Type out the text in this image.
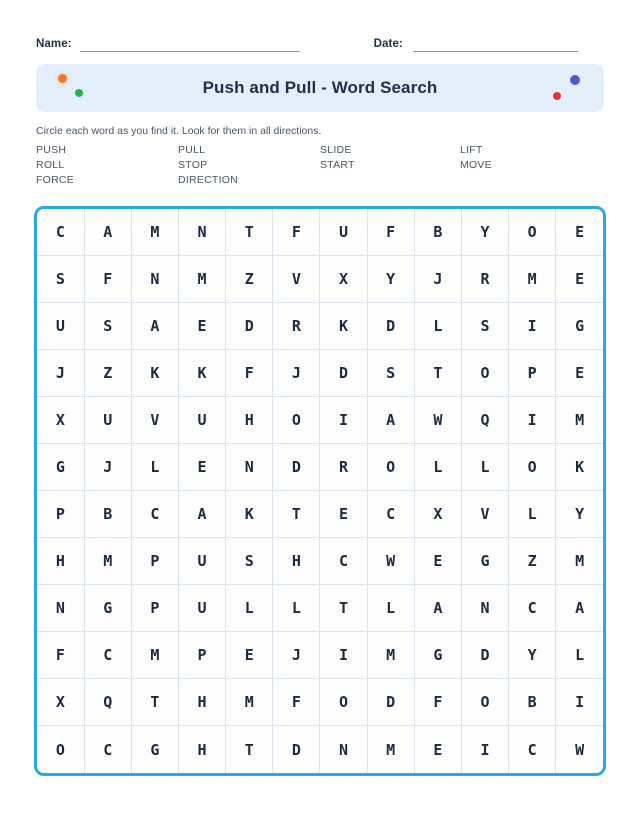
Name:	Date:
Push and Pull - Word Search
Circle each word as you find it. Look for them in all directions.
PUSH	PULL	SLIDE	LIFT
ROLL	STOP	START	MOVE
FORCE	DIRECTION
C	A	M	N	T	F	U	F	B	Y	O	E
S	F	N	M	Z	V	X	Y	J	R	M	E
U	S	A	E	D	R	K	D	L	S	I	G
J	Z	K	K	F	J	D	S	T	O	P	E
X	U	V	U	H	O	I	A	W	Q	I	M
G	J	L	E	N	D	R	O	L	L	O	K
P	B	C	A	K	T	E	C	X	V	L	Y
H	M	P	U	S	H	C	W	E	G	Z	M
N	G	P	U	L	L	T	L	A	N	C	A
F	C	M	P	E	J	I	M	G	D	Y	L
X	Q	T	H	M	F	O	D	F	O	B	I
O	C	G	H	T	D	N	M	E	I	C	W
